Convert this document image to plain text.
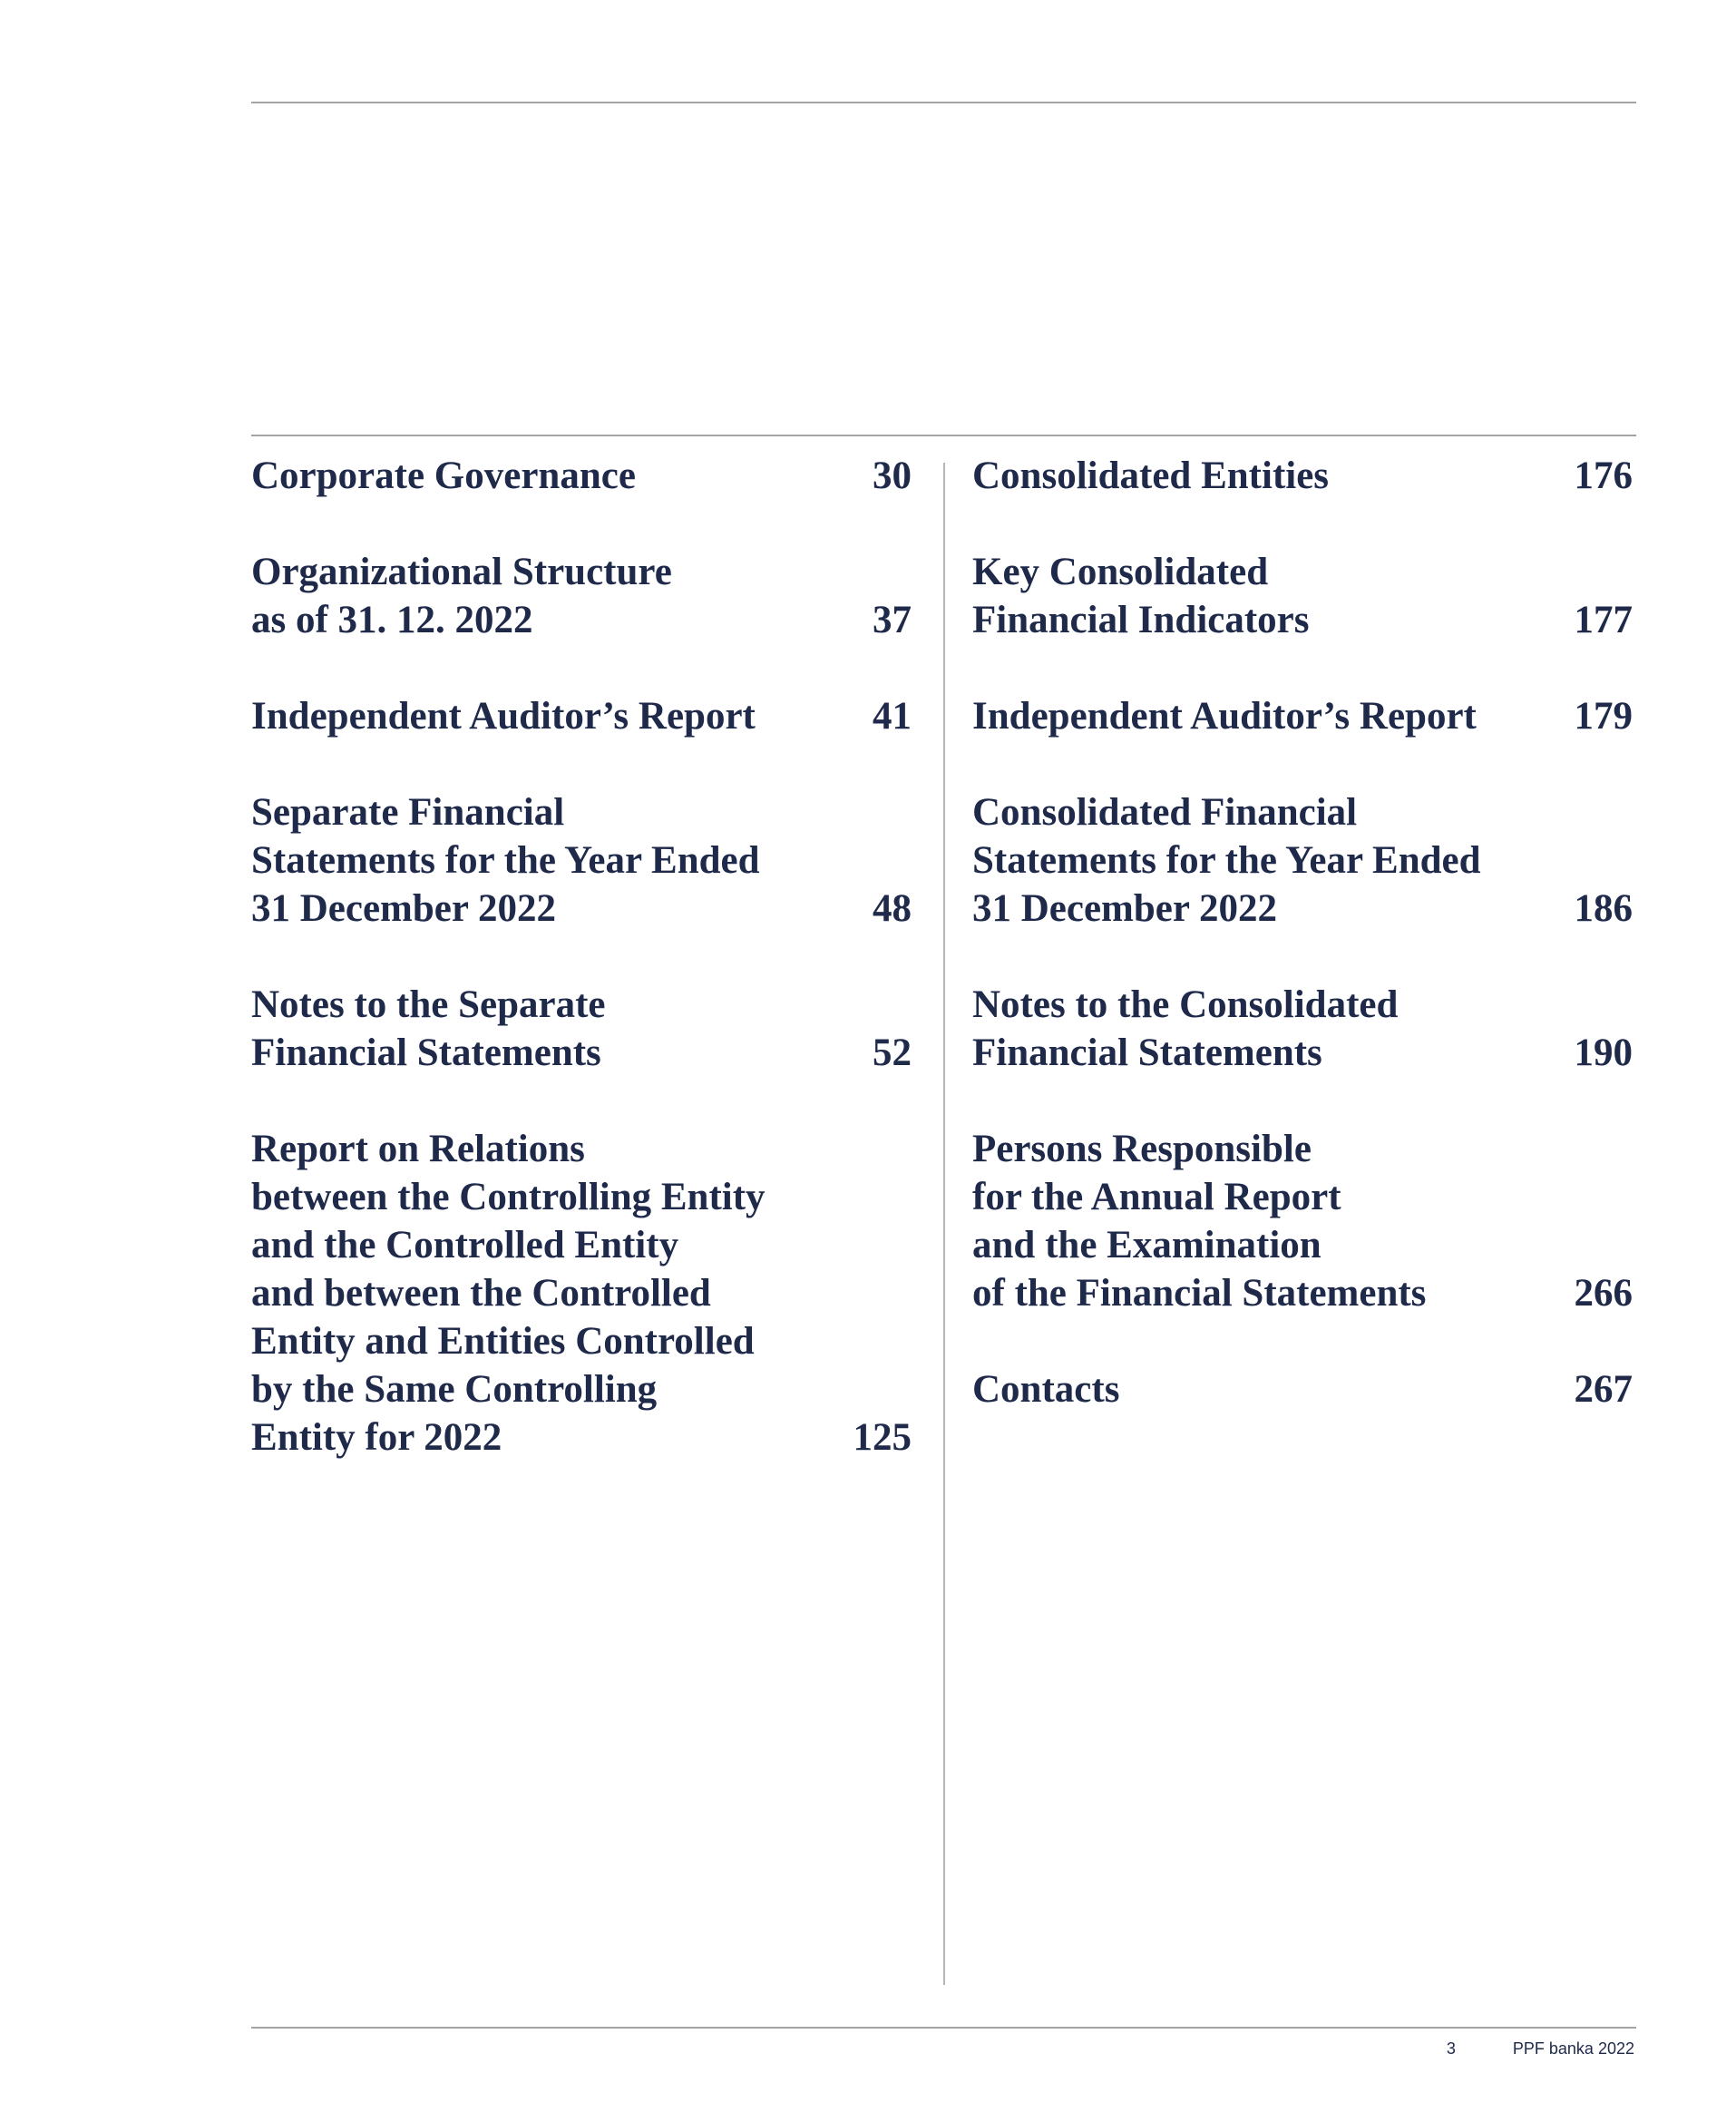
Corporate Governance	30
Organizational Structure
as of 31. 12. 2022	37
Independent Auditor’s Report	41
Separate Financial
Statements for the Year Ended
31 December 2022	48
Notes to the Separate
Financial Statements	52
Report on Relations
between the Controlling Entity
and the Controlled Entity
and between the Controlled
Entity and Entities Controlled
by the Same Controlling
Entity for 2022	125
Consolidated Entities	176
Key Consolidated
Financial Indicators	177
Independent Auditor’s Report	179
Consolidated Financial
Statements for the Year Ended
31 December 2022	186
Notes to the Consolidated
Financial Statements	190
Persons Responsible
for the Annual Report
and the Examination
of the Financial Statements	266
Contacts	267
3	PPF banka 2022
